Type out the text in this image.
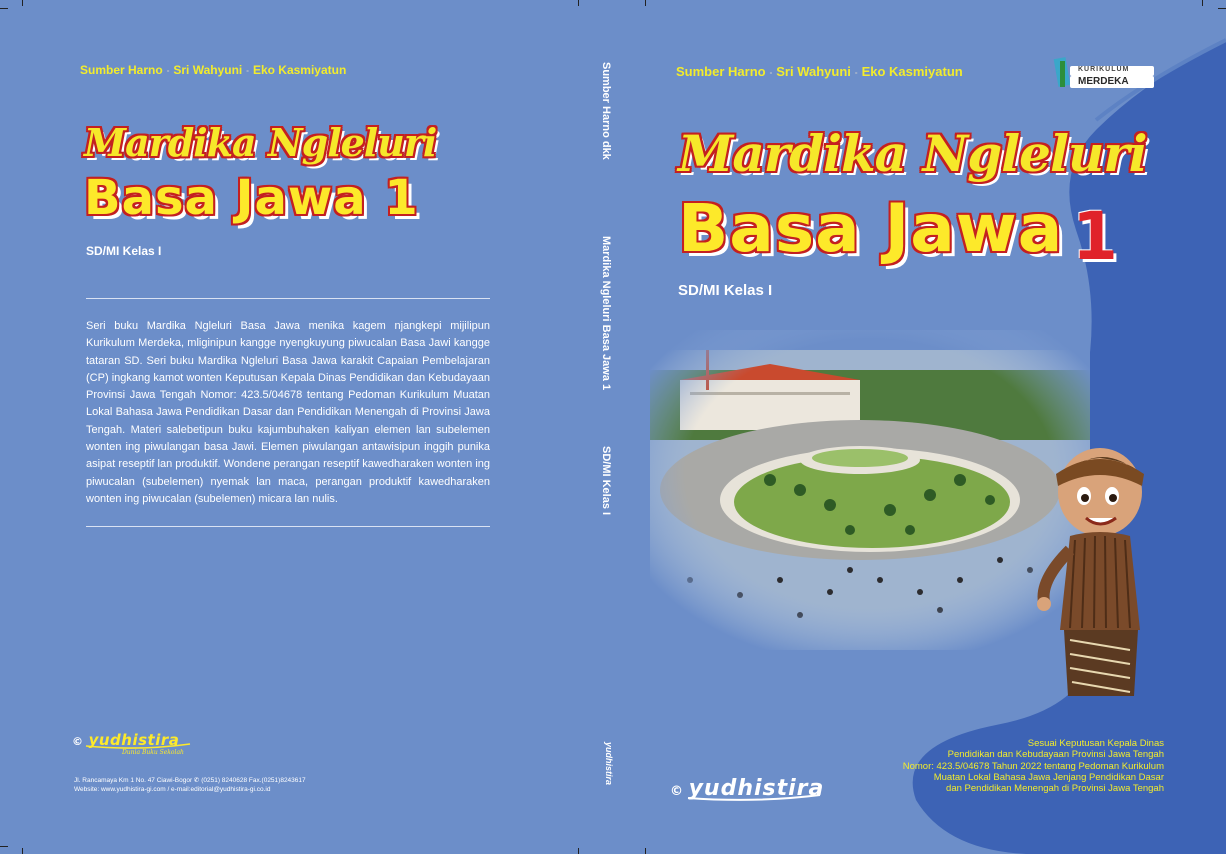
Sumber Harno - Sri Wahyuni - Eko Kasmiyatun
Mardika Ngleluri
Basa Jawa 1
SD/MI Kelas I
Seri buku Mardika Ngleluri Basa Jawa menika kagem njangkepi mijilipun Kurikulum Merdeka, mliginipun kangge nyengkuyung piwucalan Basa Jawi kangge tataran SD. Seri buku Mardika Ngleluri Basa Jawa karakit Capaian Pembelajaran (CP) ingkang kamot wonten Keputusan Kepala Dinas Pendidikan dan Kebudayaan Provinsi Jawa Tengah Nomor: 423.5/04678 tentang Pedoman Kurikulum Muatan Lokal Bahasa Jawa Pendidikan Dasar dan Pendidikan Menengah di Provinsi Jawa Tengah. Materi salebetipun buku kajumbuhaken kaliyan elemen lan subelemen wonten ing piwulangan basa Jawi. Elemen piwulangan antawisipun inggih punika asipat reseptif lan produktif. Wondene perangan reseptif kawedharaken wonten ing piwucalan (subelemen) nyemak lan maca, perangan produktif kawedharaken wonten ing piwucalan (subelemen) micara lan nulis.
© yudhistira
Dunia Buku Sekolah
Jl. Rancamaya Km 1 No. 47 Ciawi-Bogor ✆ (0251) 8240628 Fax.(0251)8243617
Website: www.yudhistira-gi.com / e-mail:editorial@yudhistira-gi.co.id
Sumber Harno dkk
Mardika Ngleluri Basa Jawa 1
SD/MI Kelas I
yudhistira
KURIKULUM
MERDEKA
Sumber Harno - Sri Wahyuni - Eko Kasmiyatun
Mardika Ngleluri
Basa Jawa 1
SD/MI Kelas I
Sesuai Keputusan Kepala Dinas
Pendidikan dan Kebudayaan Provinsi Jawa Tengah
Nomor: 423.5/04678 Tahun 2022 tentang Pedoman Kurikulum
Muatan Lokal Bahasa Jawa Jenjang Pendidikan Dasar
dan Pendidikan Menengah di Provinsi Jawa Tengah
© yudhistira
